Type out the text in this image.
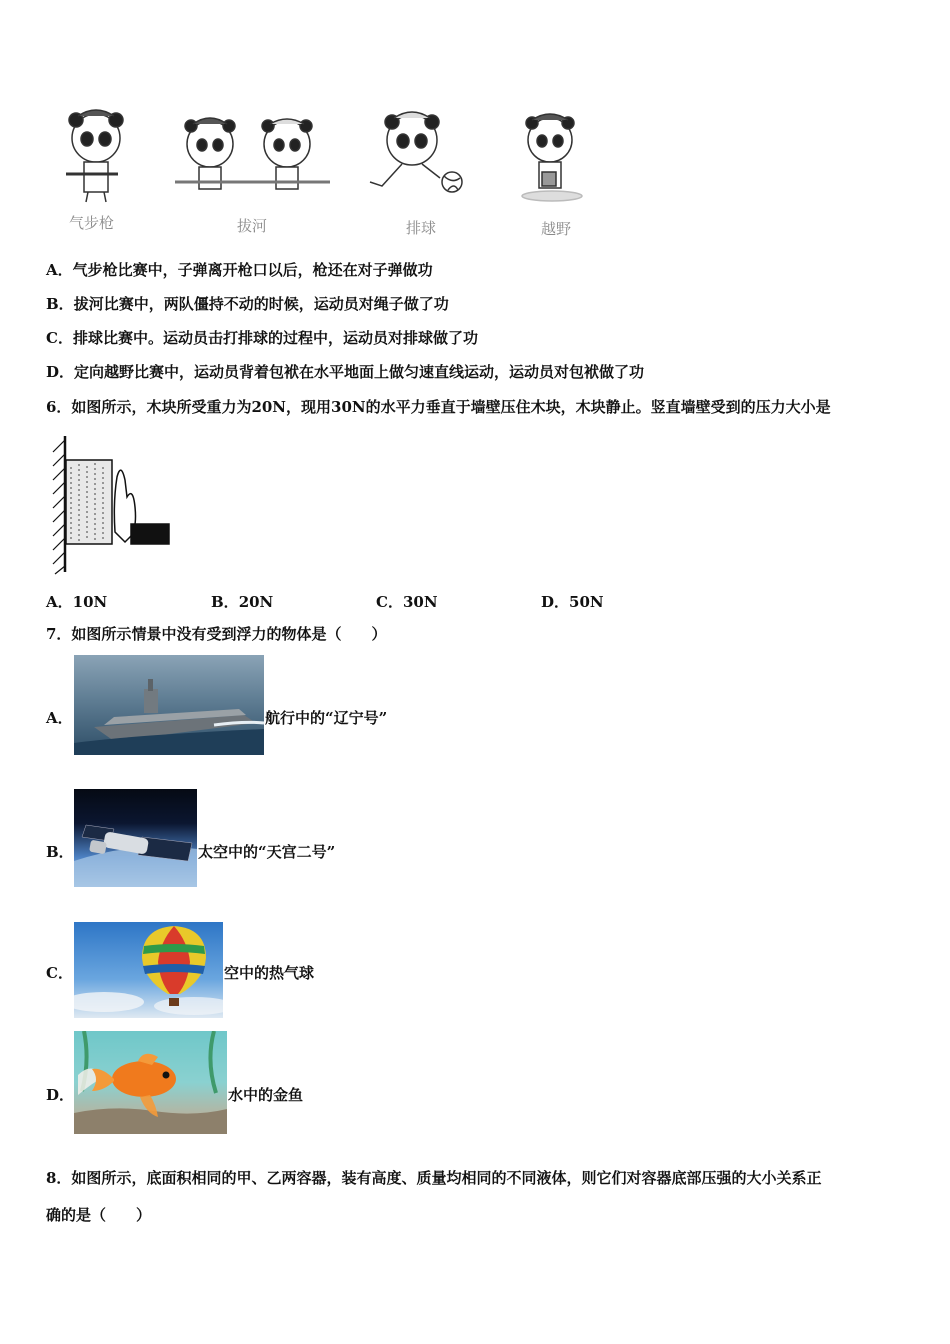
气步枪	拔河	排球	越野
A．气步枪比赛中，子弹离开枪口以后，枪还在对子弹做功
B．拔河比赛中，两队僵持不动的时候，运动员对绳子做了功
C．排球比赛中。运动员击打排球的过程中，运动员对排球做了功
D．定向越野比赛中，运动员背着包袱在水平地面上做匀速直线运动，运动员对包袱做了功
6．如图所示，木块所受重力为20N，现用30N的水平力垂直于墙壁压住木块，木块静止。竖直墙壁受到的压力大小是
A．10N	B．20N	C．30N	D．50N
7．如图所示情景中没有受到浮力的物体是（　　）
A．	航行中的“辽宁号”
B．	太空中的“天宫二号”
C．	空中的热气球
D．	水中的金鱼
8．如图所示，底面积相同的甲、乙两容器，装有高度、质量均相同的不同液体，则它们对容器底部压强的大小关系正
确的是（　　）
